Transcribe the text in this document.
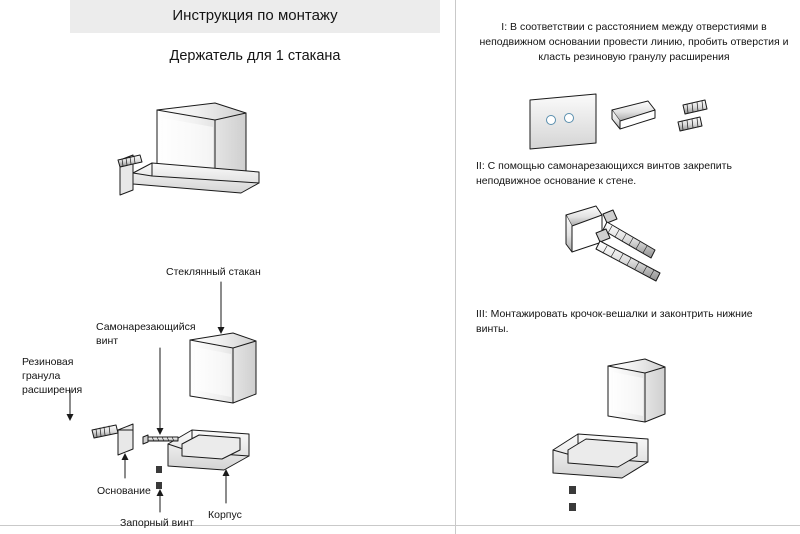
Инструкция по монтажу
Держатель для 1 стакана
I: В соответствии с расстоянием между отверстиями в неподвижном основании провести линию, пробить отверстия и класть резиновую гранулу расширения
II: С помощью самонарезающихся винтов закрепить неподвижное основание к стене.
III: Монтажировать крочок-вешалки и законтрить нижние винты.
Стеклянный стакан
Самонарезающийся винт
Резиновая гранула расширения
Основание
Запорный винт
Корпус
